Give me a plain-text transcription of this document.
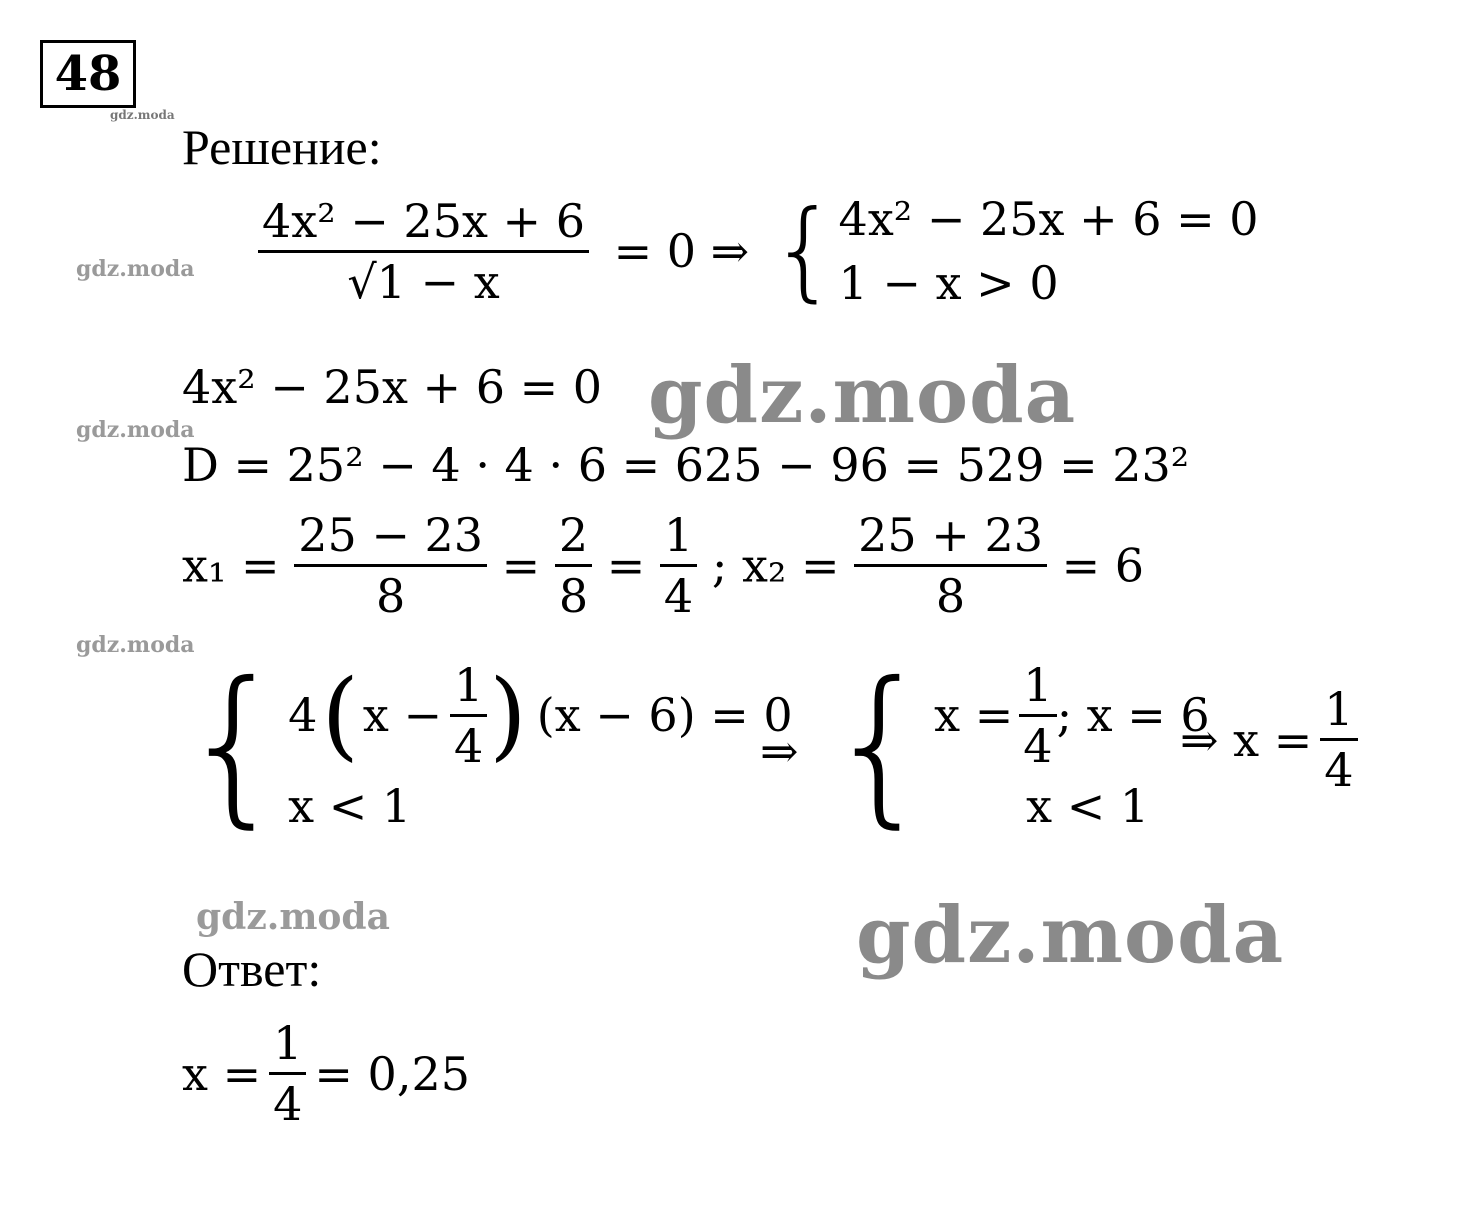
48
gdz.moda
Решение:
gdz.moda
gdz.moda
gdz.moda
gdz.moda
$\frac{\text{4x² − 25x + 6}}{√1 - x} = 0$ ⇒ { 4x² − 25x + 6 = 0
1 − x > 0
4x² − 25x + 6 = 0 gdz.moda
D = 25² − 4 · 4 · 6 = 625 − 96 = 529 = 23²
$x_1 = \frac{25 - 23}{8} = \frac{2}{8} = \frac{1}{4}$ ; $x_2 = \frac{25 + 23}{8} = 6$
{ 4 ( $x - \frac{1}{4}$ ) (x − 6) = 0
x < 1
⇒ { $x = \frac{1}{4}$ ; x = 6
x < 1
⇒ $x = \frac{1}{4}$
gdz.moda
Ответ:
$x = \frac{1}{4} = 0,25$
